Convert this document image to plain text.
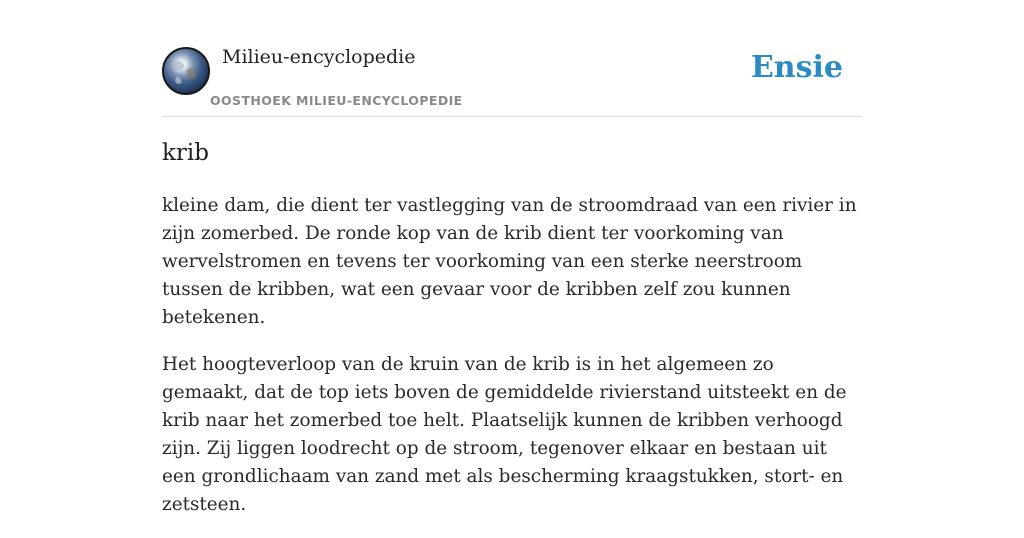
Milieu-encyclopedie
OOSTHOEK MILIEU-ENCYCLOPEDIE
Ensie
krib

kleine dam, die dient ter vastlegging van de stroomdraad van een rivier in zijn zomerbed. De ronde kop van de krib dient ter voorkoming van wervelstromen en tevens ter voorkoming van een sterke neerstroom tussen de kribben, wat een gevaar voor de kribben zelf zou kunnen betekenen.

Het hoogteverloop van de kruin van de krib is in het algemeen zo gemaakt, dat de top iets boven de gemiddelde rivierstand uitsteekt en de krib naar het zomerbed toe helt. Plaatselijk kunnen de kribben verhoogd zijn. Zij liggen loodrecht op de stroom, tegenover elkaar en bestaan uit een grondlichaam van zand met als bescherming kraagstukken, stort- en zetsteen.
